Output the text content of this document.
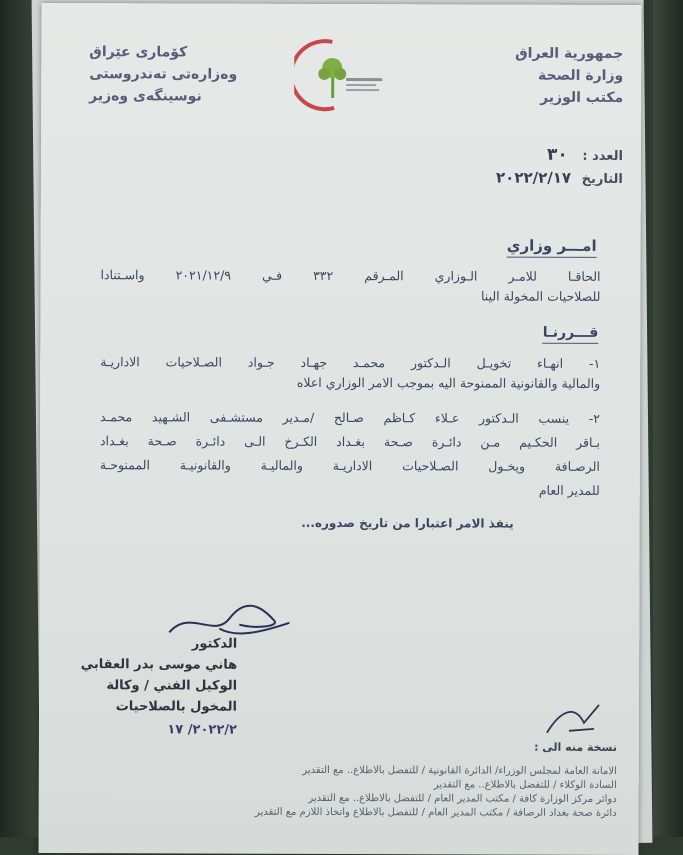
جمهورية العراق
وزارة الصحة
مكتب الوزير
كۆماری عێراق
وەزارەتی تەندروستی
نوسینگەی وەزیر
العدد : ٣٠
التاريخ ٢٠٢٢/٢/١٧
امـــر وزاري
الحاقـا للامـر الـوزاري المـرقم ٣٣٢ فـي ٢٠٢١/١٢/٩ واسـتنادا
للصلاحيات المخولة الينا
قـــررنـا
١- انهـاء تخويـل الـدكتور محمـد جهـاد جـواد الصـلاحيات الاداريـة
والمالية والقانونية الممنوحة اليه بموجب الامر الوزاري اعلاه
٢- ينسب الـدكتور عـلاء كـاظم صـالح /مـدير مستشـفى الشـهيد محمـد
بـاقر الحكـيم مـن دائـرة صـحة بغـداد الكـرخ الـى دائـرة صـحة بغـداد
الرصـافة ويخـول الصـلاحيات الاداريـة والماليـة والقانونيـة الممنوحـة
للمدير العام
ينفذ الامر اعتبارا من تاريخ صدوره...
الدكتور
هاني موسى بدر العقابي
الوكيل الفني / وكالة
المخول بالصلاحيات
٢٠٢٢/٢/ ١٧
نسخة منه الى :
الامانة العامة لمجلس الوزراء/ الدائرة القانونية / للتفضل بالاطلاع.. مع التقدير
السادة الوكلاء / للتفضل بالاطلاع.. مع التقدير
دوائر مركز الوزارة كافة / مكتب المدير العام / للتفضل بالاطلاع.. مع التقدير
دائرة صحة بغداد الرصافة / مكتب المدير العام / للتفضل بالاطلاع واتخاذ اللازم مع التقدير
